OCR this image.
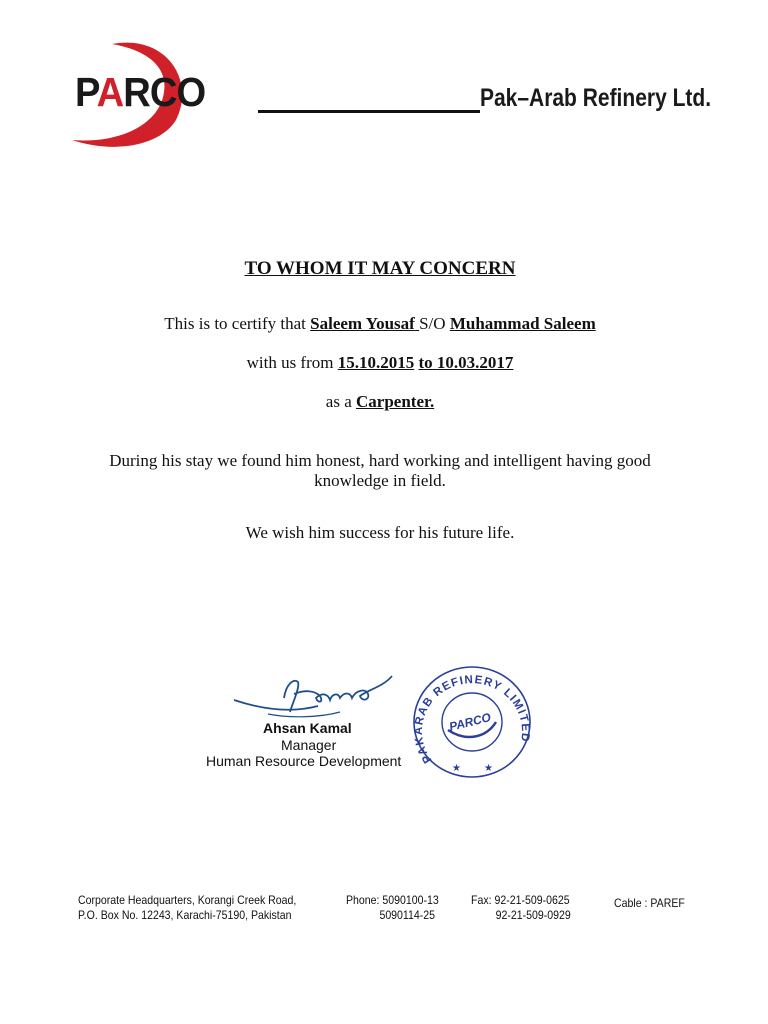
PARCO	Pak–Arab Refinery Ltd.
TO WHOM IT MAY CONCERN
This is to certify that Saleem Yousaf S/O Muhammad Saleem
with us from 15.10.2015 to 10.03.2017
as a Carpenter.
During his stay we found him honest, hard working and intelligent having good knowledge in field.
We wish him success for his future life.
Ahsan Kamal
Manager
Human Resource Development	PAKARAB REFINERY LIMITED
PARCO
★ ★
Corporate Headquarters, Korangi Creek Road,
P.O. Box No. 12243, Karachi-75190, Pakistan
Phone: 5090100-13
5090114-25
Fax: 92-21-509-0625
92-21-509-0929
Cable : PAREF
